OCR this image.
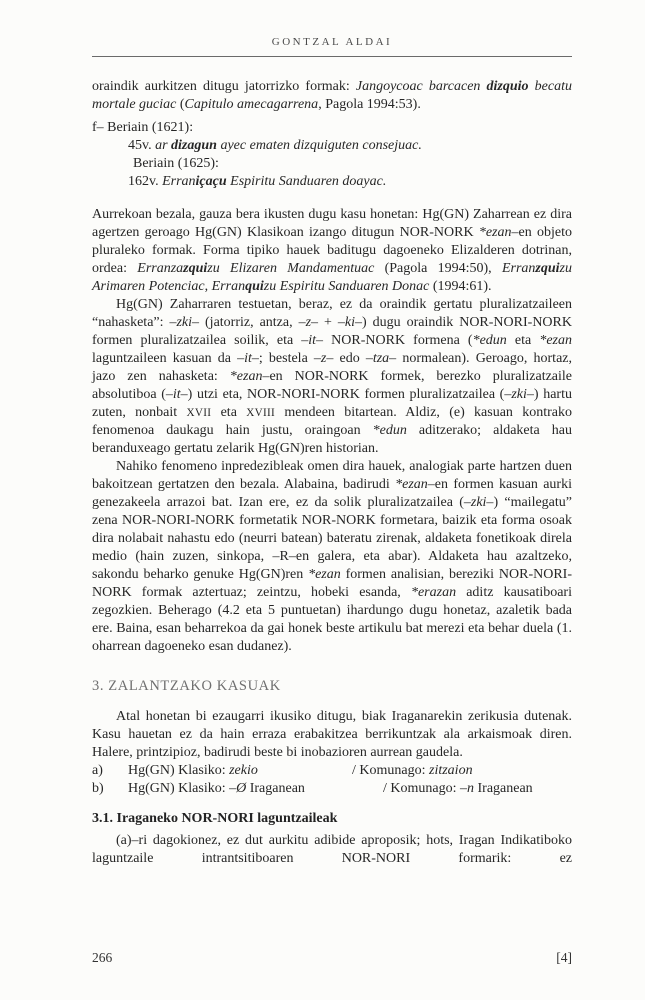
GONTZAL ALDAI

oraindik aurkitzen ditugu jatorrizko formak: Jangoycoac barcacen dizquio becatu mortale guciac (Capitulo amecagarrena, Pagola 1994:53).

f– Beriain (1621):
45v. ar dizagun ayec ematen dizquiguten consejuac.
Beriain (1625):
162v. Erraniçaçu Espiritu Sanduaren doayac.

Aurrekoan bezala, gauza bera ikusten dugu kasu honetan: Hg(GN) Zaharrean ez dira agertzen geroago Hg(GN) Klasikoan izango ditugun NOR-NORK *ezan–en objeto pluraleko formak. Forma tipiko hauek baditugu dagoeneko Elizalderen dotrinan, ordea: Erranzazquizu Elizaren Mandamentuac (Pagola 1994:50), Erranzquizu Arimaren Potenciac, Erranquizu Espiritu Sanduaren Donac (1994:61).

Hg(GN) Zaharraren testuetan, beraz, ez da oraindik gertatu pluralizatzaileen “nahasketa”: –zki– (jatorriz, antza, –z– + –ki–) dugu oraindik NOR-NORI-NORK formen pluralizatzailea soilik, eta –it– NOR-NORK formena (*edun eta *ezan laguntzaileen kasuan da –it–; bestela –z– edo –tza– normalean). Geroago, hortaz, jazo zen nahasketa: *ezan–en NOR-NORK formek, berezko pluralizatzaile absolutiboa (–it–) utzi eta, NOR-NORI-NORK formen pluralizatzailea (–zki–) hartu zuten, nonbait XVII eta XVIII mendeen bitartean. Aldiz, (e) kasuan kontrako fenomenoa daukagu hain justu, oraingoan *edun aditzerako; aldaketa hau beranduxeago gertatu zelarik Hg(GN)ren historian.

Nahiko fenomeno inpredezibleak omen dira hauek, analogiak parte hartzen duen bakoitzean gertatzen den bezala. Alabaina, badirudi *ezan–en formen kasuan aurki genezakeela arrazoi bat. Izan ere, ez da solik pluralizatzailea (–zki–) “mailegatu” zena NOR-NORI-NORK formetatik NOR-NORK formetara, baizik eta forma osoak dira nolabait nahastu edo (neurri batean) bateratu zirenak, aldaketa fonetikoak direla medio (hain zuzen, sinkopa, –R–en galera, eta abar). Aldaketa hau azaltzeko, sakondu beharko genuke Hg(GN)ren *ezan formen analisian, bereziki NOR-NORI-NORK formak aztertuaz; zeintzu, hobeki esanda, *erazan aditz kausatiboari zegozkien. Beherago (4.2 eta 5 puntuetan) ihardungo dugu honetaz, azaletik bada ere. Baina, esan beharrekoa da gai honek beste artikulu bat merezi eta behar duela (1. oharrean dagoeneko esan dudanez).

3. ZALANTZAKO KASUAK

Atal honetan bi ezaugarri ikusiko ditugu, biak Iraganarekin zerikusia dutenak. Kasu hauetan ez da hain erraza erabakitzea berrikuntzak ala arkaismoak diren. Halere, printzipioz, badirudi beste bi inobazioren aurrean gaudela.

a) Hg(GN) Klasiko: zekio	/ Komunago: zitzaion
b) Hg(GN) Klasiko: –Ø Iraganean	/ Komunago: –n Iraganean
3.1. Iraganeko NOR-NORI laguntzaileak

(a)–ri dagokionez, ez dut aurkitu adibide aproposik; hots, Iragan Indikatiboko laguntzaile intrantsitiboaren NOR-NORI formarik: ez

266	[4]
